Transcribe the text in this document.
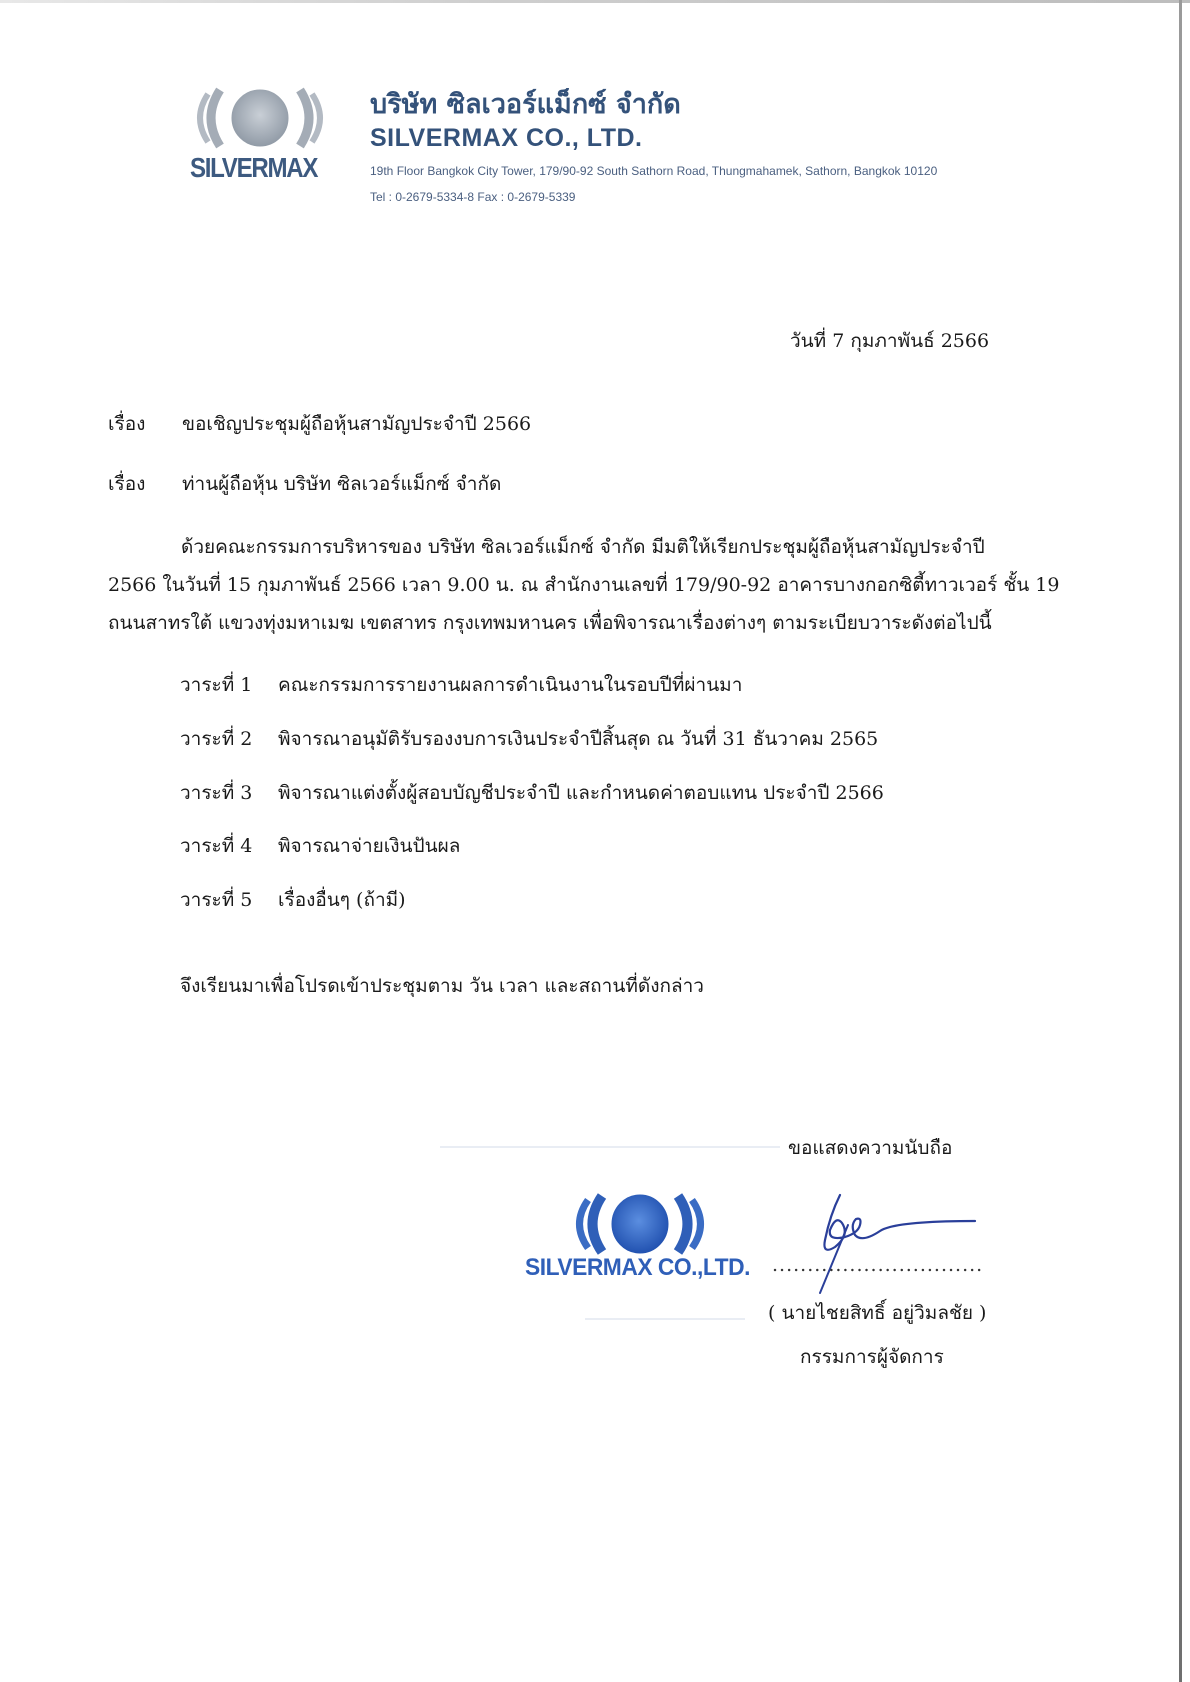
SILVERMAX
บริษัท ซิลเวอร์แม็กซ์ จำกัด
SILVERMAX CO., LTD.
19th Floor Bangkok City Tower, 179/90-92 South Sathorn Road, Thungmahamek, Sathorn, Bangkok 10120
Tel : 0-2679-5334-8 Fax : 0-2679-5339
วันที่ 7 กุมภาพันธ์ 2566
เรื่อง ขอเชิญประชุมผู้ถือหุ้นสามัญประจำปี 2566
เรื่อง ท่านผู้ถือหุ้น บริษัท ซิลเวอร์แม็กซ์ จำกัด
ด้วยคณะกรรมการบริหารของ บริษัท ซิลเวอร์แม็กซ์ จำกัด มีมติให้เรียกประชุมผู้ถือหุ้นสามัญประจำปี
2566 ในวันที่ 15 กุมภาพันธ์ 2566 เวลา 9.00 น. ณ สำนักงานเลขที่ 179/90-92 อาคารบางกอกซิตี้ทาวเวอร์ ชั้น 19
ถนนสาทรใต้ แขวงทุ่งมหาเมฆ เขตสาทร กรุงเทพมหานคร เพื่อพิจารณาเรื่องต่างๆ ตามระเบียบวาระดังต่อไปนี้
วาระที่ 1 คณะกรรมการรายงานผลการดำเนินงานในรอบปีที่ผ่านมา
วาระที่ 2 พิจารณาอนุมัติรับรองงบการเงินประจำปีสิ้นสุด ณ วันที่ 31 ธันวาคม 2565
วาระที่ 3 พิจารณาแต่งตั้งผู้สอบบัญชีประจำปี และกำหนดค่าตอบแทน ประจำปี 2566
วาระที่ 4 พิจารณาจ่ายเงินปันผล
วาระที่ 5 เรื่องอื่นๆ (ถ้ามี)
จึงเรียนมาเพื่อโปรดเข้าประชุมตาม วัน เวลา และสถานที่ดังกล่าว
ขอแสดงความนับถือ
SILVERMAX CO.,LTD. ..............................
( นายไชยสิทธิ์ อยู่วิมลชัย )
กรรมการผู้จัดการ
